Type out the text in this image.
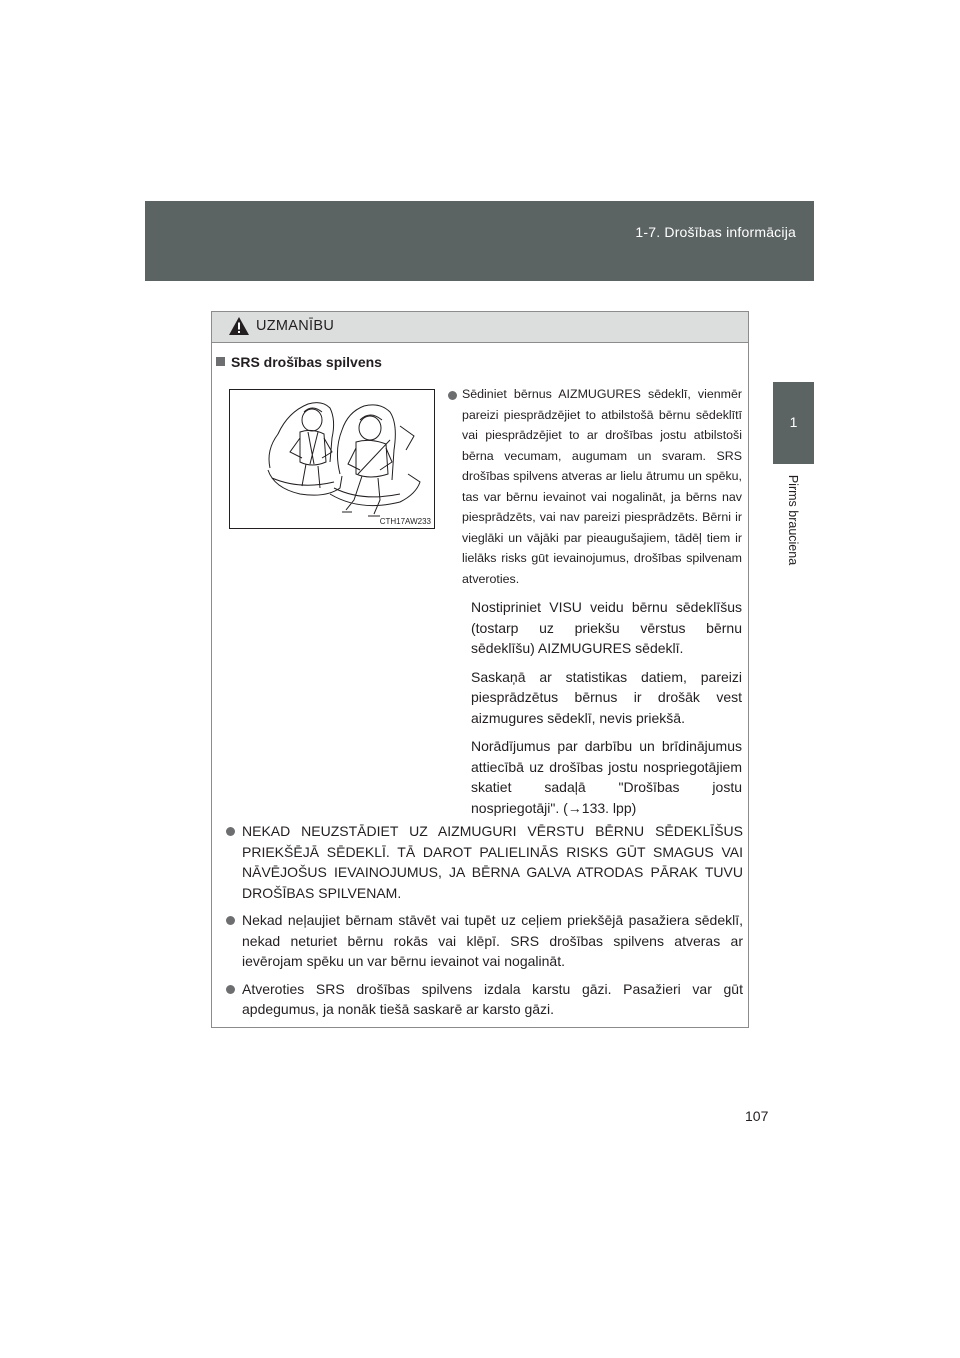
1-7. Drošības informācija
1
Pirms brauciena
UZMANĪBU
SRS drošības spilvens
CTH17AW233
Sēdiniet bērnus AIZMUGURES sēdeklī, vienmēr pareizi piesprādzējiet to atbilstošā bērnu sēdeklītī vai piesprādzējiet to ar drošības jostu atbilstoši bērna vecumam, augumam un svaram. SRS drošības spilvens atveras ar lielu ātrumu un spēku, tas var bērnu ievainot vai nogalināt, ja bērns nav piesprādzēts, vai nav pareizi piesprādzēts. Bērni ir vieglāki un vājāki par pieaugušajiem, tādēļ tiem ir lielāks risks gūt ievainojumus, drošības spilvenam atveroties.
Nostipriniet VISU veidu bērnu sēdeklīšus (tostarp uz priekšu vērstus bērnu sēdeklīšu) AIZMUGURES sēdeklī.
Saskaņā ar statistikas datiem, pareizi piesprādzētus bērnus ir drošāk vest aizmugures sēdeklī, nevis priekšā.
Norādījumus par darbību un brīdinājumus attiecībā uz drošības jostu nospriegotājiem skatiet sadaļā "Drošības jostu nospriegotāji". (→133. lpp)
NEKAD NEUZSTĀDIET UZ AIZMUGURI VĒRSTU BĒRNU SĒDEKLĪŠUS PRIEKŠĒJĀ SĒDEKLĪ. TĀ DAROT PALIELINĀS RISKS GŪT SMAGUS VAI NĀVĒJOŠUS IEVAINOJUMUS, JA BĒRNA GALVA ATRODAS PĀRAK TUVU DROŠĪBAS SPILVENAM.
Nekad neļaujiet bērnam stāvēt vai tupēt uz ceļiem priekšējā pasažiera sēdeklī, nekad neturiet bērnu rokās vai klēpī. SRS drošības spilvens atveras ar ievērojam spēku un var bērnu ievainot vai nogalināt.
Atveroties SRS drošības spilvens izdala karstu gāzi. Pasažieri var gūt apdegumus, ja nonāk tiešā saskarē ar karsto gāzi.
107
